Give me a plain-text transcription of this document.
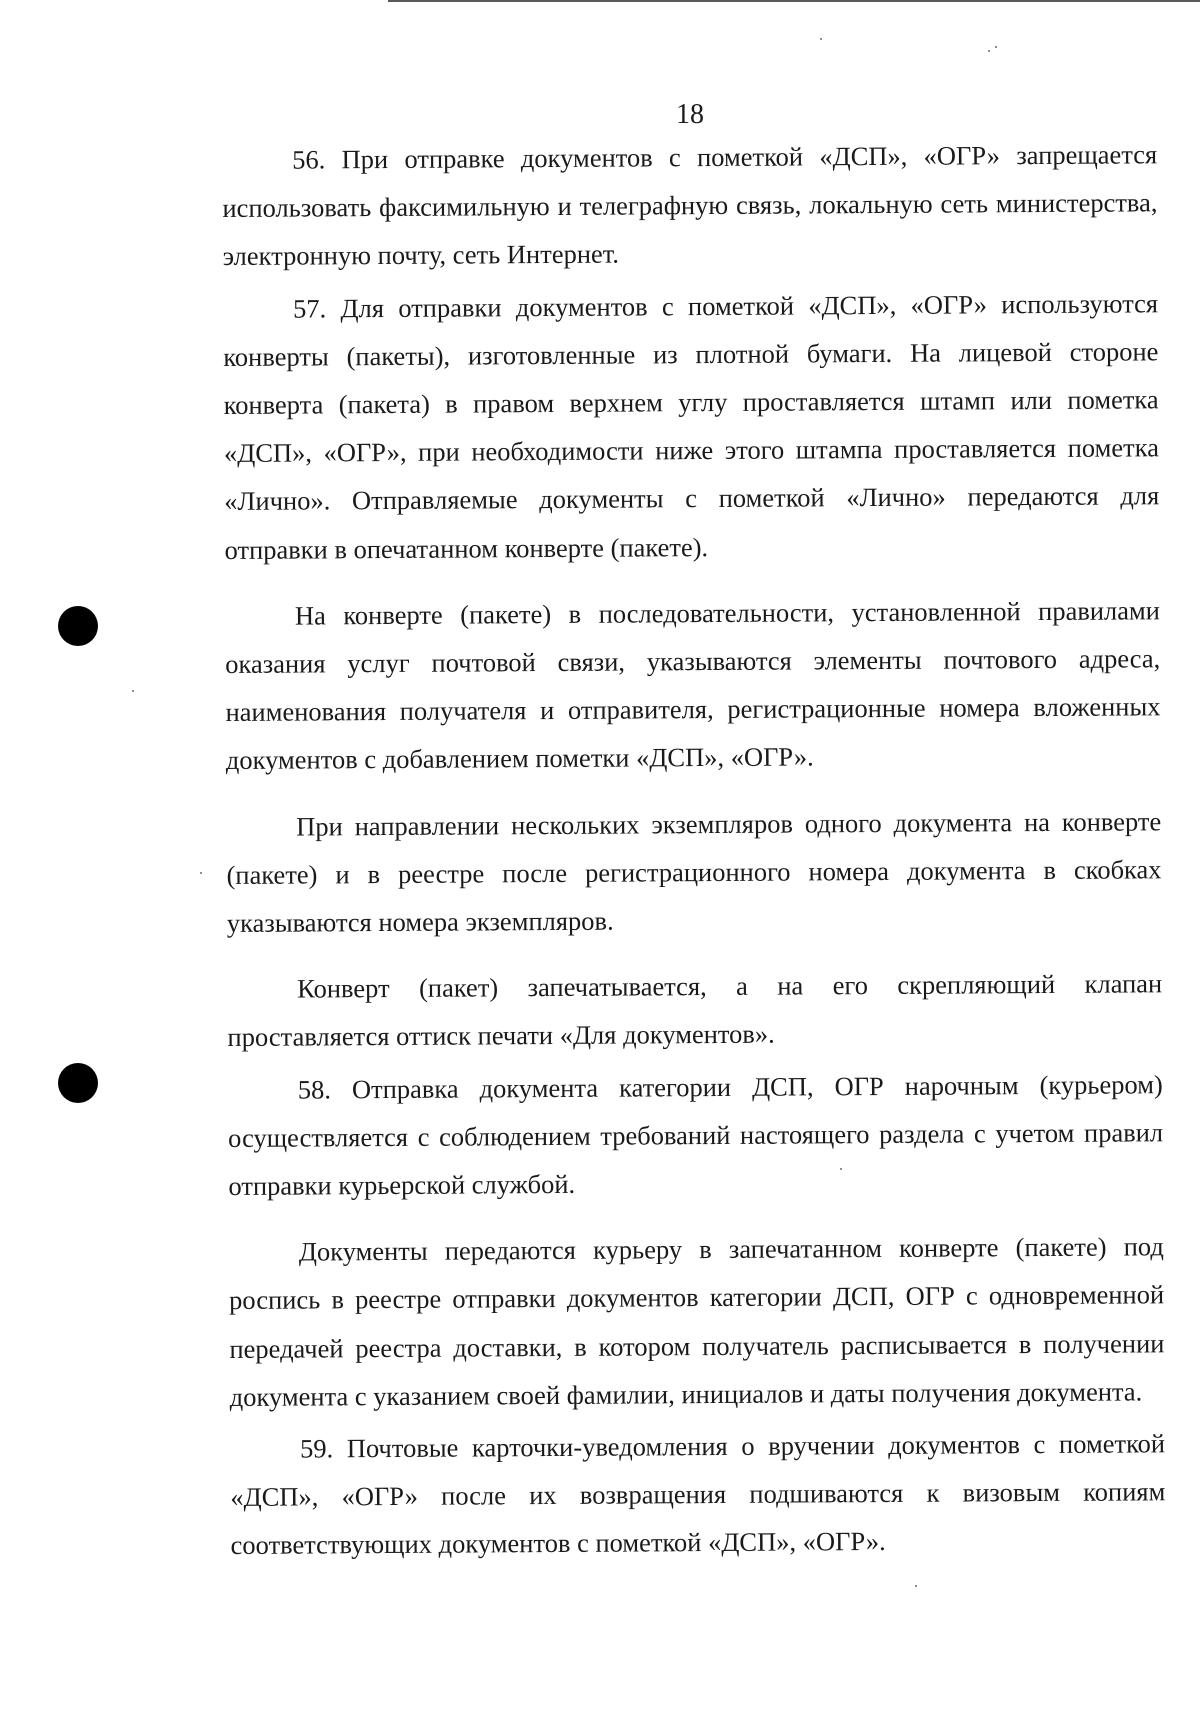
18

56. При отправке документов с пометкой «ДСП», «ОГР» запрещается использовать факсимильную и телеграфную связь, локальную сеть министерства, электронную почту, сеть Интернет.

57. Для отправки документов с пометкой «ДСП», «ОГР» используются конверты (пакеты), изготовленные из плотной бумаги. На лицевой стороне конверта (пакета) в правом верхнем углу проставляется штамп или пометка «ДСП», «ОГР», при необходимости ниже этого штампа проставляется пометка «Лично». Отправляемые документы с пометкой «Лично» передаются для отправки в опечатанном конверте (пакете).

На конверте (пакете) в последовательности, установленной правилами оказания услуг почтовой связи, указываются элементы почтового адреса, наименования получателя и отправителя, регистрационные номера вложенных документов с добавлением пометки «ДСП», «ОГР».

При направлении нескольких экземпляров одного документа на конверте (пакете) и в реестре после регистрационного номера документа в скобках указываются номера экземпляров.

Конверт (пакет) запечатывается, а на его скрепляющий клапан проставляется оттиск печати «Для документов».

58. Отправка документа категории ДСП, ОГР нарочным (курьером) осуществляется с соблюдением требований настоящего раздела с учетом правил отправки курьерской службой.

Документы передаются курьеру в запечатанном конверте (пакете) под роспись в реестре отправки документов категории ДСП, ОГР с одновременной передачей реестра доставки, в котором получатель расписывается в получении документа с указанием своей фамилии, инициалов и даты получения документа.

59. Почтовые карточки-уведомления о вручении документов с пометкой «ДСП», «ОГР» после их возвращения подшиваются к визовым копиям соответствующих документов с пометкой «ДСП», «ОГР».
